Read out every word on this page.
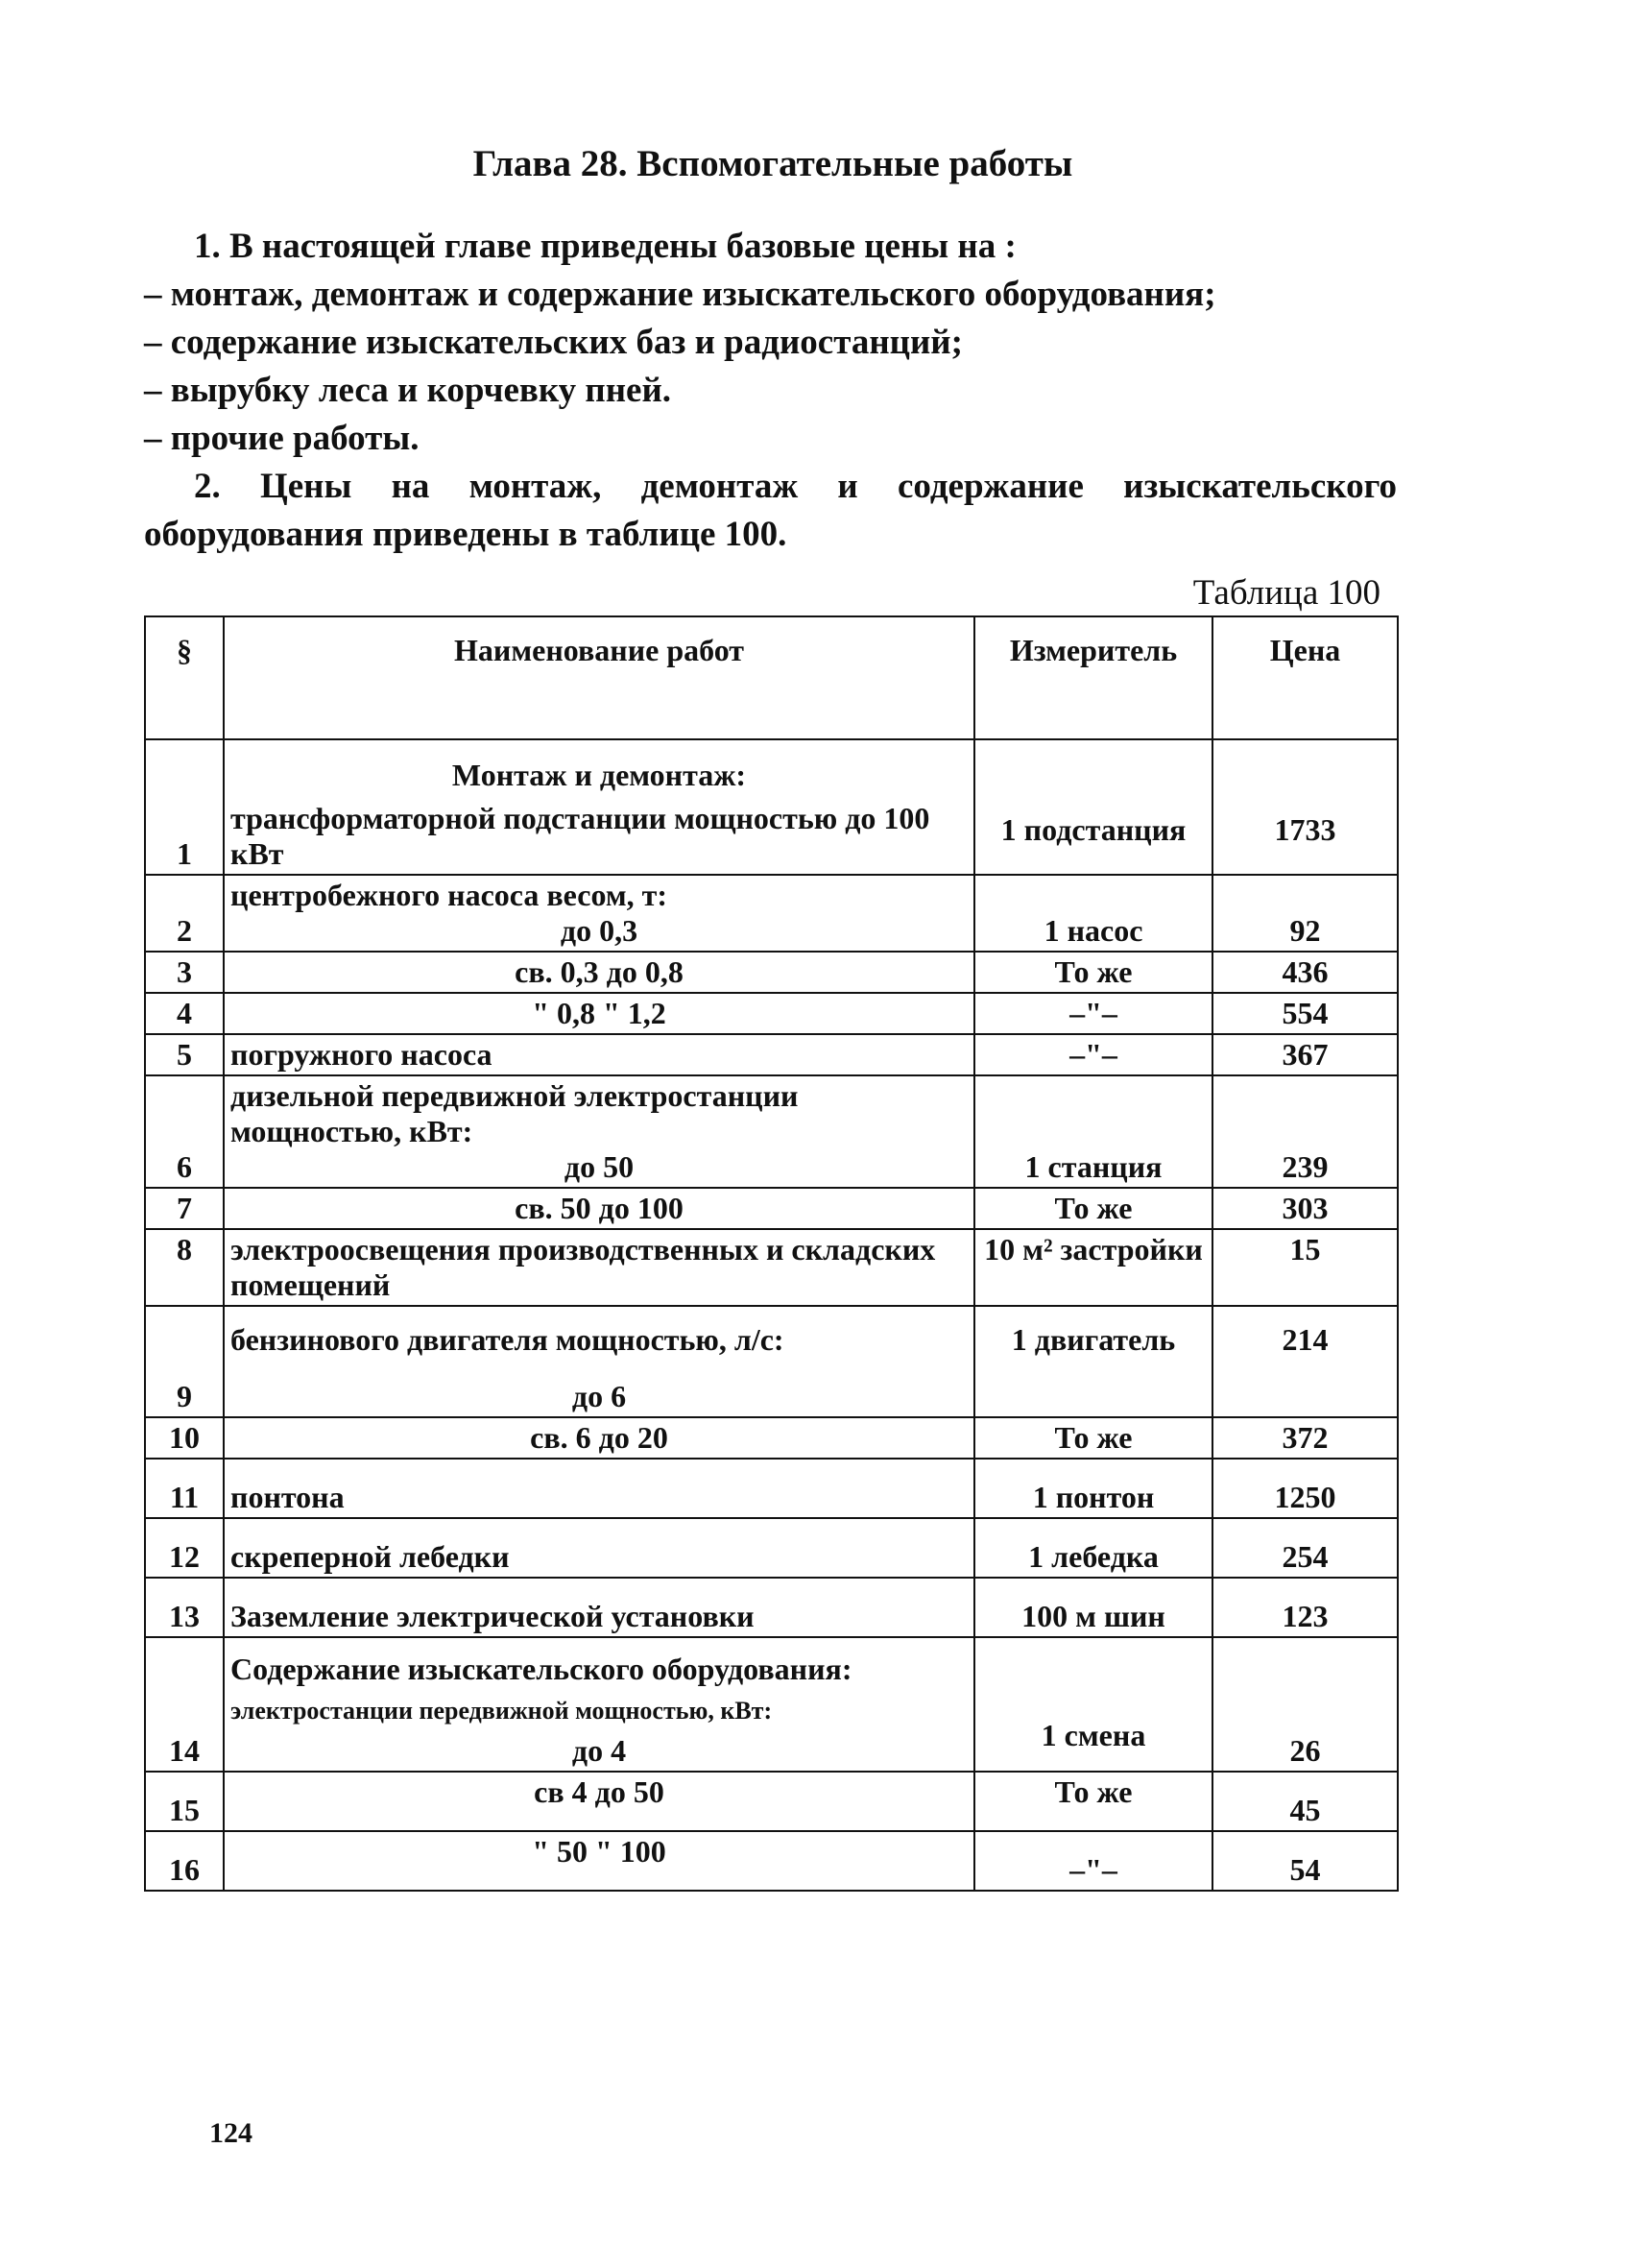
Глава 28. Вспомогательные работы

1. В настоящей главе приведены базовые цены на :

– монтаж, демонтаж и содержание изыскательского оборудования;

– содержание изыскательских баз и радиостанций;

– вырубку леса и корчевку пней.

– прочие работы.

2. Цены на монтаж, демонтаж и содержание изыскательского оборудования приведены в таблице 100.

Таблица 100

§	Наименование работ	Измеритель	Цена
1	Монтаж и демонтаж:
трансформаторной подстанции мощностью до 100 кВт	1 подстанция	1733
2	центробежного насоса весом, т:
до 0,3	1 насос	92
3	св. 0,3 до 0,8	То же	436
4	" 0,8 " 1,2	–"–	554
5	погружного насоса	–"–	367
6	дизельной передвижной электростанции мощностью, кВт:
до 50	1 станция	239
7	св. 50 до 100	То же	303
8	электроосвещения производственных и складских помещений	10 м² застройки	15
9	бензинового двигателя мощностью, л/с:
до 6	1 двигатель	214
10	св. 6 до 20	То же	372
11	понтона	1 понтон	1250
12	скреперной лебедки	1 лебедка	254
13	Заземление электрической установки	100 м шин	123
14	Содержание изыскательского оборудования:
электростанции передвижной мощностью, кВт:
до 4	1 смена	26
15	св 4 до 50	То же	45
16	" 50 " 100	–"–	54

124
